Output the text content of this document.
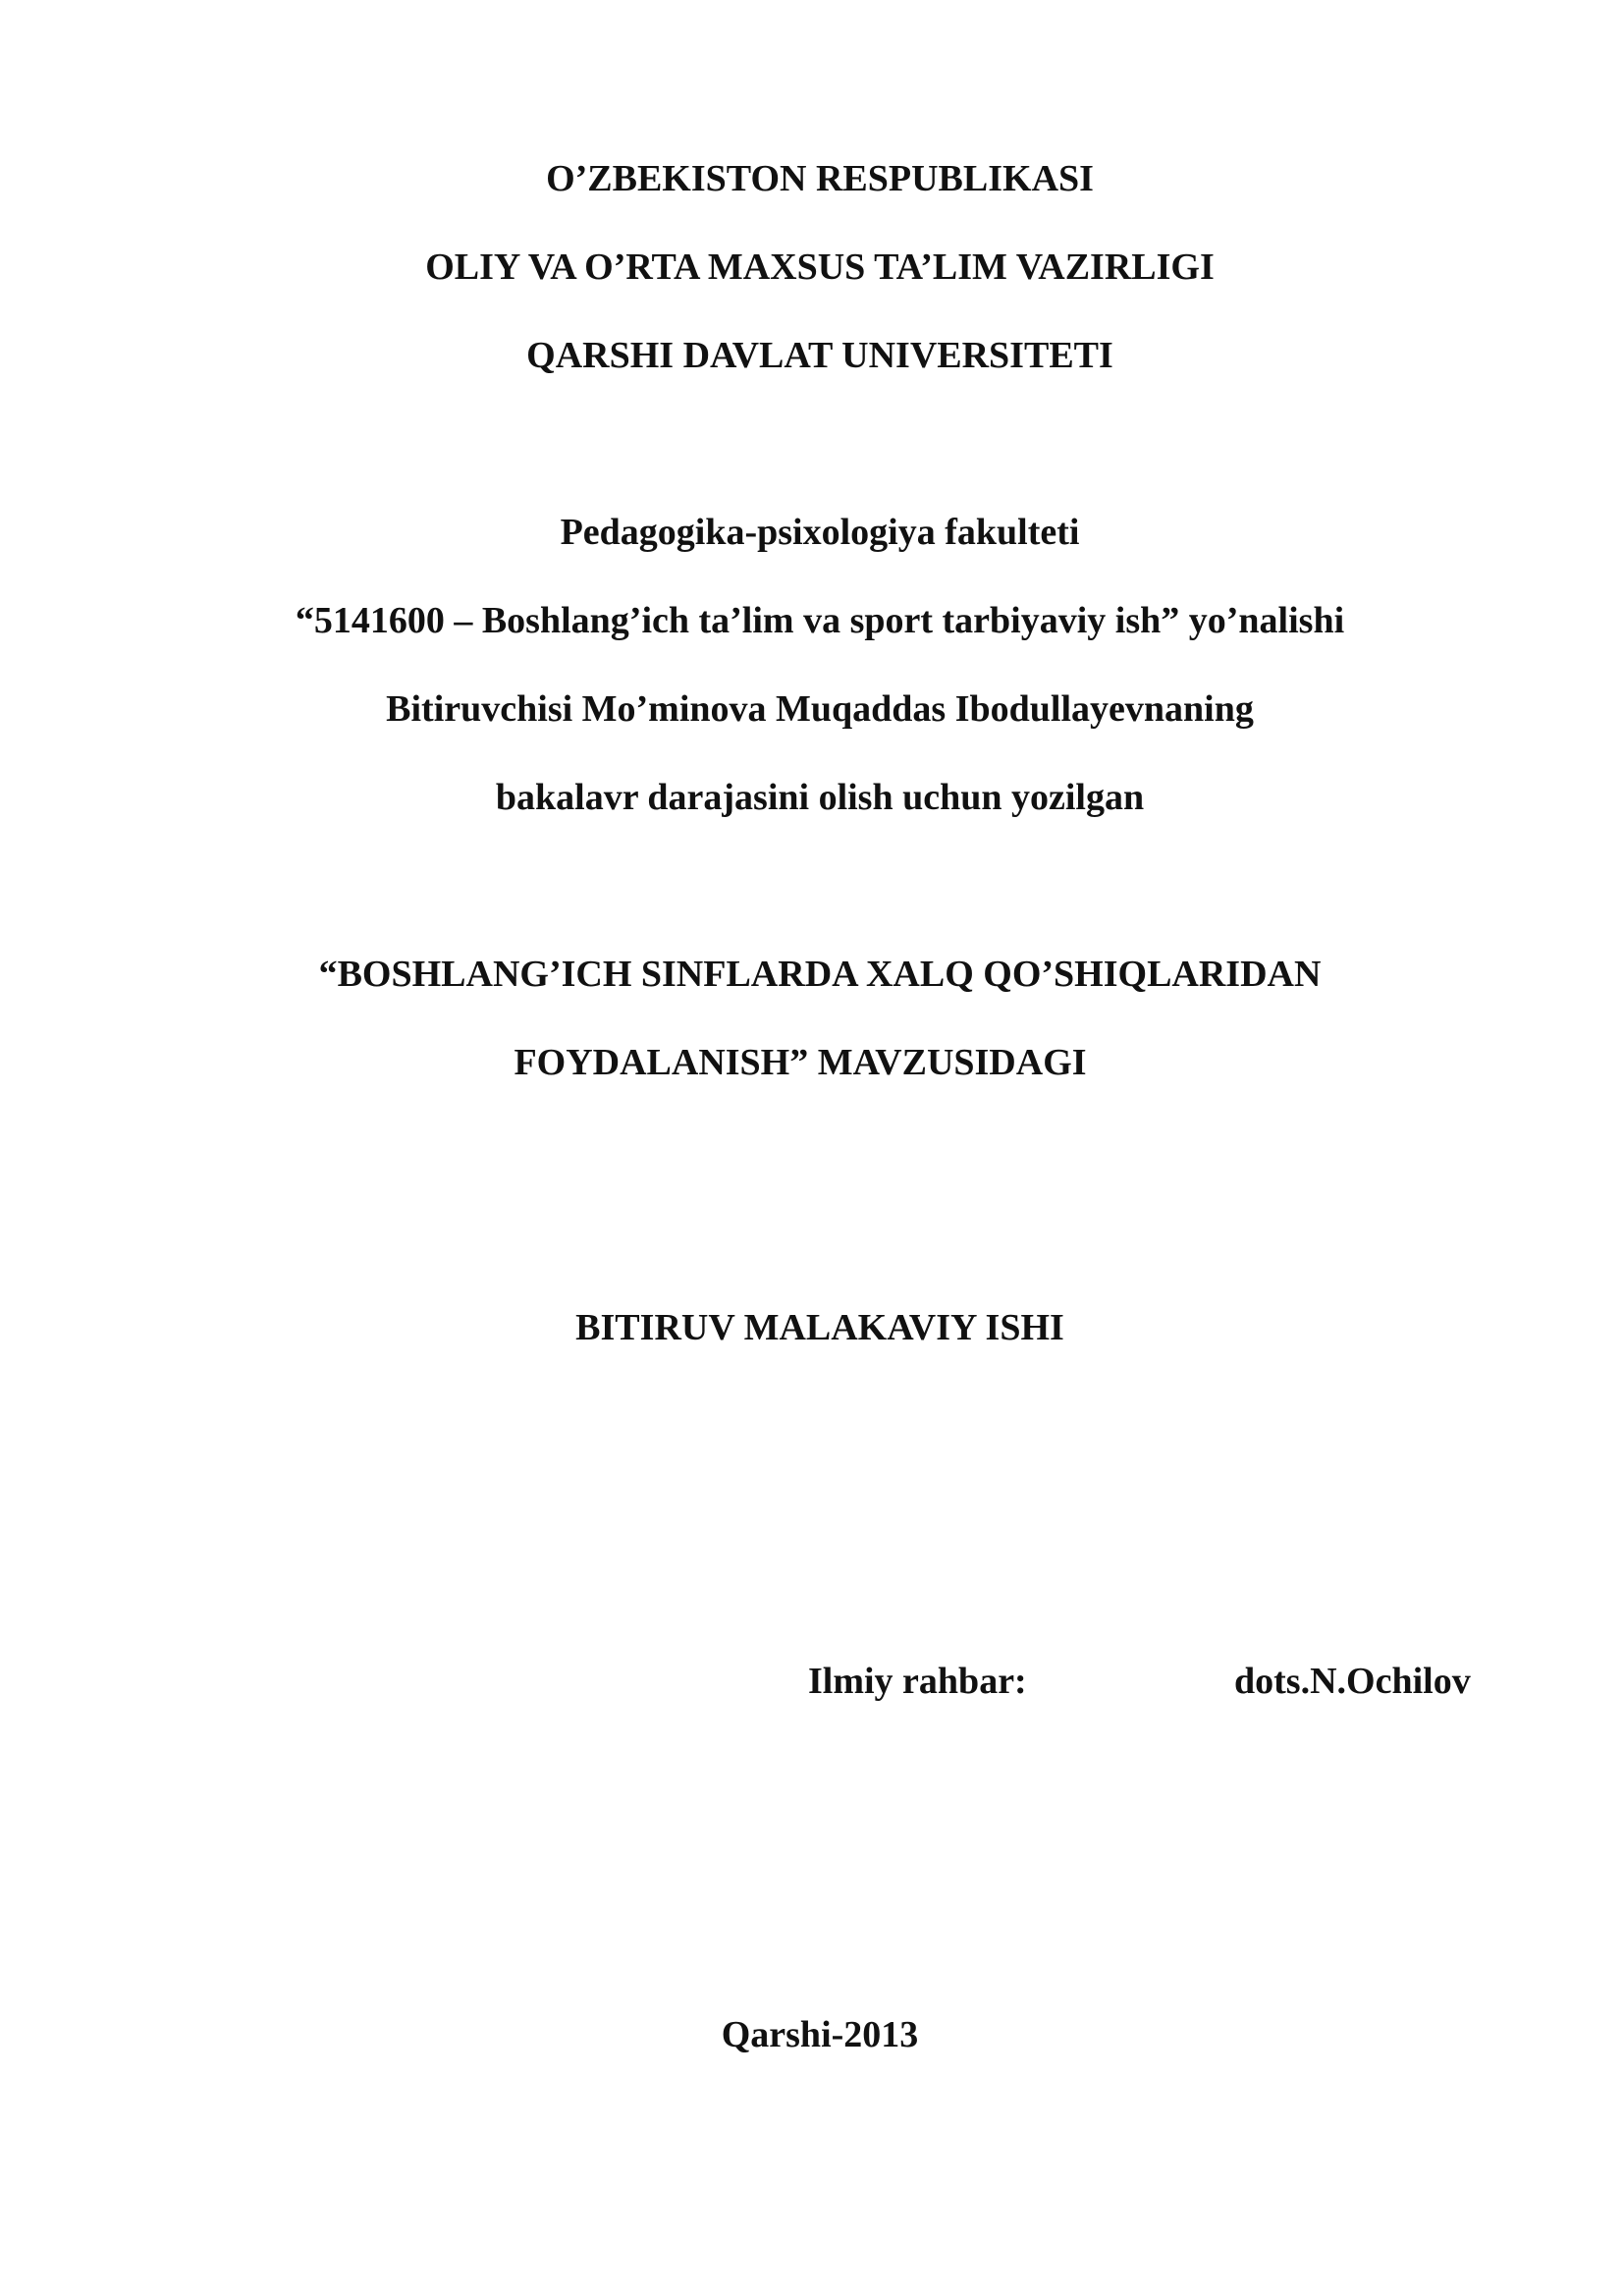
O’ZBEKISTON RESPUBLIKASI
OLIY VA O’RTA MAXSUS TA’LIM VAZIRLIGI
QARSHI DAVLAT UNIVERSITETI
Pedagogika-psixologiya fakulteti
“5141600 – Boshlang’ich ta’lim va sport tarbiyaviy ish” yo’nalishi
Bitiruvchisi Mo’minova Muqaddas Ibodullayevnaning
bakalavr darajasini olish uchun yozilgan
“BOSHLANG’ICH SINFLARDA XALQ QO’SHIQLARIDAN
FOYDALANISH” MAVZUSIDAGI
BITIRUV MALAKAVIY ISHI
Ilmiy rahbar:	dots.N.Ochilov
Qarshi-2013
